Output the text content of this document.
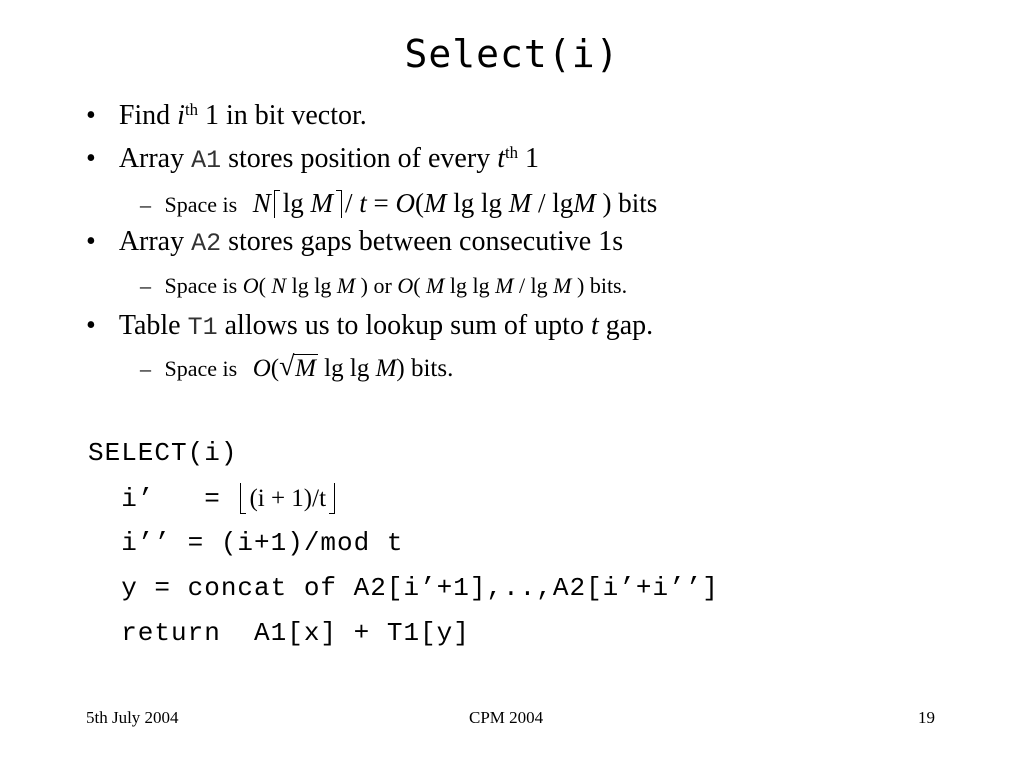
Select(i)
• Find $i^{th}$ 1 in bit vector.
• Array A1 stores position of every $t^{th}$ 1
– Space is N lg M / t = O(M lg lg M / lgM ) bits
• Array A2 stores gaps between consecutive 1s
– Space is O( N lg lg M ) or O( M lg lg M / lg M ) bits.
• Table T1 allows us to lookup sum of upto t gap.
– Space is O( √ M lg lg M) bits.
SELECT(i)
i’   = (i + 1)/t
i’’ = (i+1)/mod t
y = concat of A2[i’+1],..,A2[i’+i’’]
return  A1[x] + T1[y]
5th July 2004	CPM 2004	19
